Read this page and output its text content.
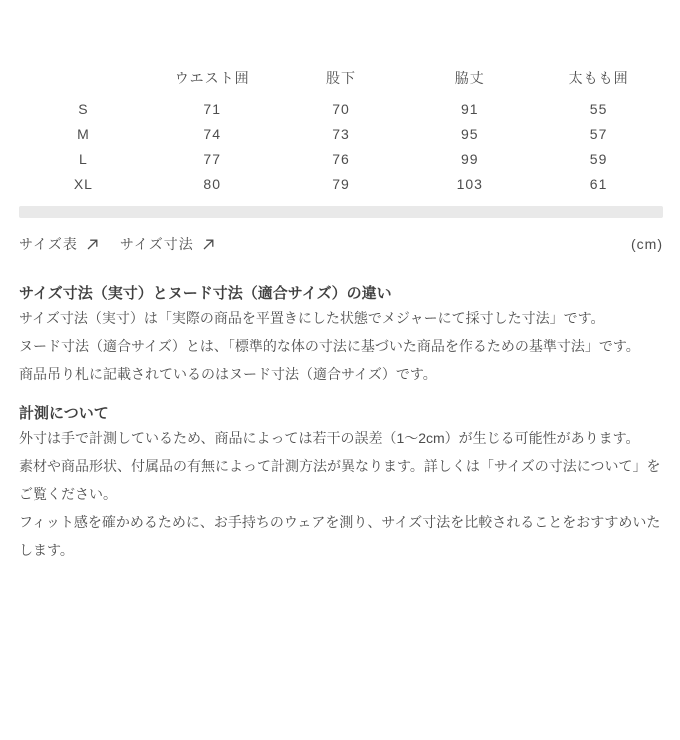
	ウエスト囲	股下	脇丈	太もも囲
S	71	70	91	55
M	74	73	95	57
L	77	76	99	59
XL	80	79	103	61
サイズ表	サイズ寸法	(cm)
サイズ寸法（実寸）とヌード寸法（適合サイズ）の違い

サイズ寸法（実寸）は「実際の商品を平置きにした状態でメジャーにて採寸した寸法」です。

ヌード寸法（適合サイズ）とは、「標準的な体の寸法に基づいた商品を作るための基準寸法」です。

商品吊り札に記載されているのはヌード寸法（適合サイズ）です。

計測について

外寸は手で計測しているため、商品によっては若干の誤差（1〜2cm）が生じる可能性があります。

素材や商品形状、付属品の有無によって計測方法が異なります。詳しくは「サイズの寸法について」をご覧ください。

フィット感を確かめるために、お手持ちのウェアを測り、サイズ寸法を比較されることをおすすめいたします。
